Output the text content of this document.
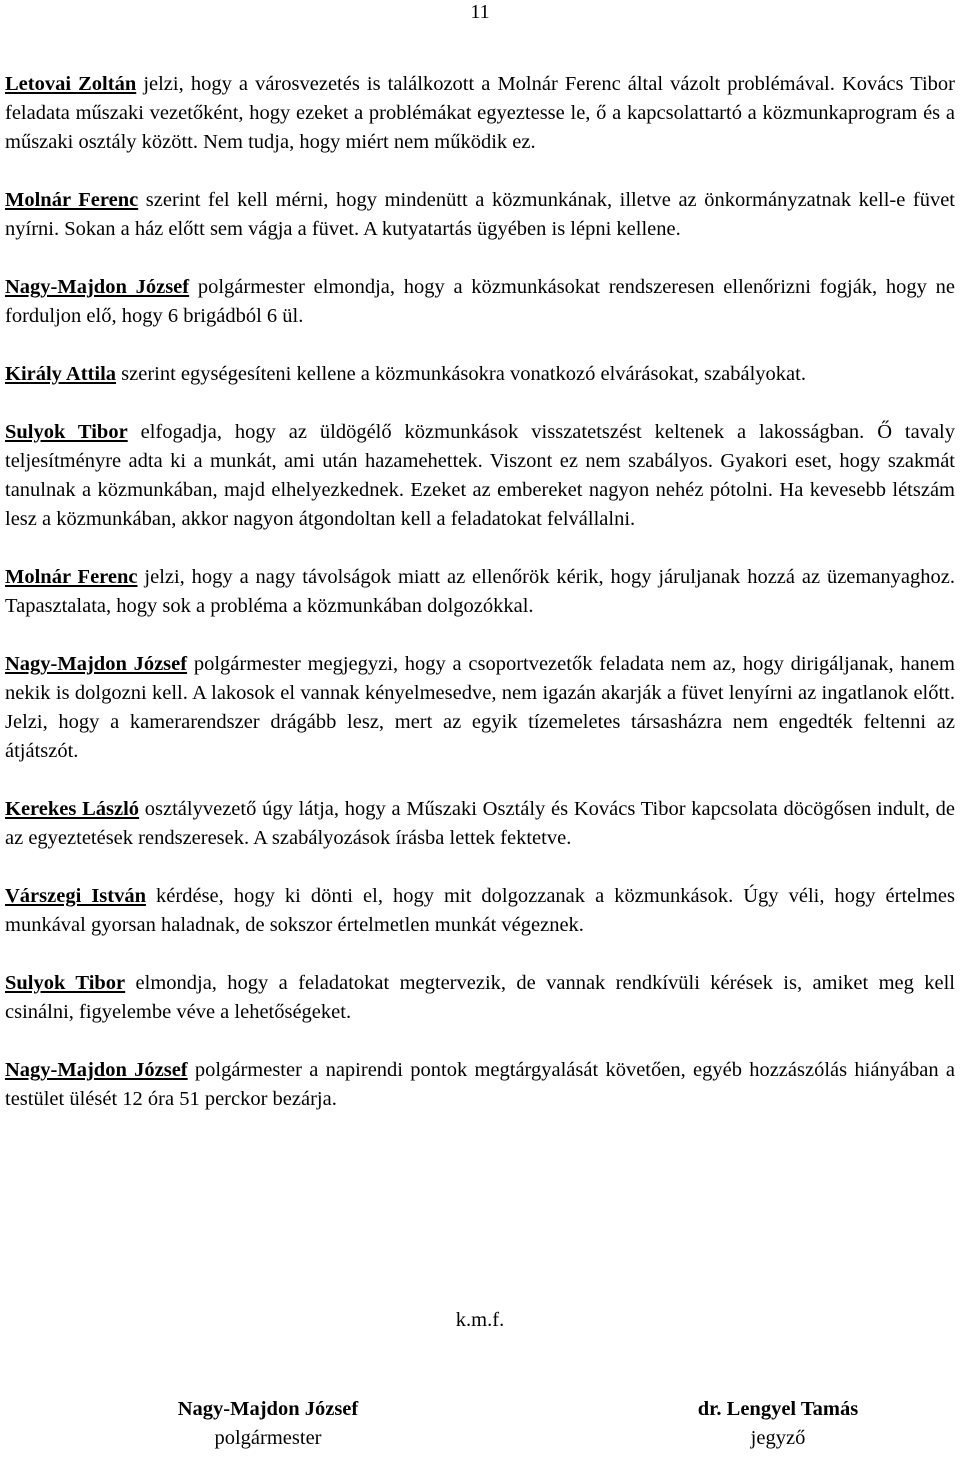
11

Letovai Zoltán jelzi, hogy a városvezetés is találkozott a Molnár Ferenc által vázolt problémával. Kovács Tibor feladata műszaki vezetőként, hogy ezeket a problémákat egyeztesse le, ő a kapcsolattartó a közmunkaprogram és a műszaki osztály között. Nem tudja, hogy miért nem működik ez.

Molnár Ferenc szerint fel kell mérni, hogy mindenütt a közmunkának, illetve az önkormányzatnak kell-e füvet nyírni. Sokan a ház előtt sem vágja a füvet. A kutyatartás ügyében is lépni kellene.

Nagy-Majdon József polgármester elmondja, hogy a közmunkásokat rendszeresen ellenőrizni fogják, hogy ne forduljon elő, hogy 6 brigádból 6 ül.

Király Attila szerint egységesíteni kellene a közmunkásokra vonatkozó elvárásokat, szabályokat.

Sulyok Tibor elfogadja, hogy az üldögélő közmunkások visszatetszést keltenek a lakosságban. Ő tavaly teljesítményre adta ki a munkát, ami után hazamehettek. Viszont ez nem szabályos. Gyakori eset, hogy szakmát tanulnak a közmunkában, majd elhelyezkednek. Ezeket az embereket nagyon nehéz pótolni. Ha kevesebb létszám lesz a közmunkában, akkor nagyon átgondoltan kell a feladatokat felvállalni.

Molnár Ferenc jelzi, hogy a nagy távolságok miatt az ellenőrök kérik, hogy járuljanak hozzá az üzemanyaghoz. Tapasztalata, hogy sok a probléma a közmunkában dolgozókkal.

Nagy-Majdon József polgármester megjegyzi, hogy a csoportvezetők feladata nem az, hogy dirigáljanak, hanem nekik is dolgozni kell. A lakosok el vannak kényelmesedve, nem igazán akarják a füvet lenyírni az ingatlanok előtt. Jelzi, hogy a kamerarendszer drágább lesz, mert az egyik tízemeletes társasházra nem engedték feltenni az átjátszót.

Kerekes László osztályvezető úgy látja, hogy a Műszaki Osztály és Kovács Tibor kapcsolata döcögősen indult, de az egyeztetések rendszeresek. A szabályozások írásba lettek fektetve.

Várszegi István kérdése, hogy ki dönti el, hogy mit dolgozzanak a közmunkások. Úgy véli, hogy értelmes munkával gyorsan haladnak, de sokszor értelmetlen munkát végeznek.

Sulyok Tibor elmondja, hogy a feladatokat megtervezik, de vannak rendkívüli kérések is, amiket meg kell csinálni, figyelembe véve a lehetőségeket.

Nagy-Majdon József polgármester a napirendi pontok megtárgyalását követően, egyéb hozzászólás hiányában a testület ülését 12 óra 51 perckor bezárja.

k.m.f.
Nagy-Majdon József
polgármester
dr. Lengyel Tamás
jegyző
